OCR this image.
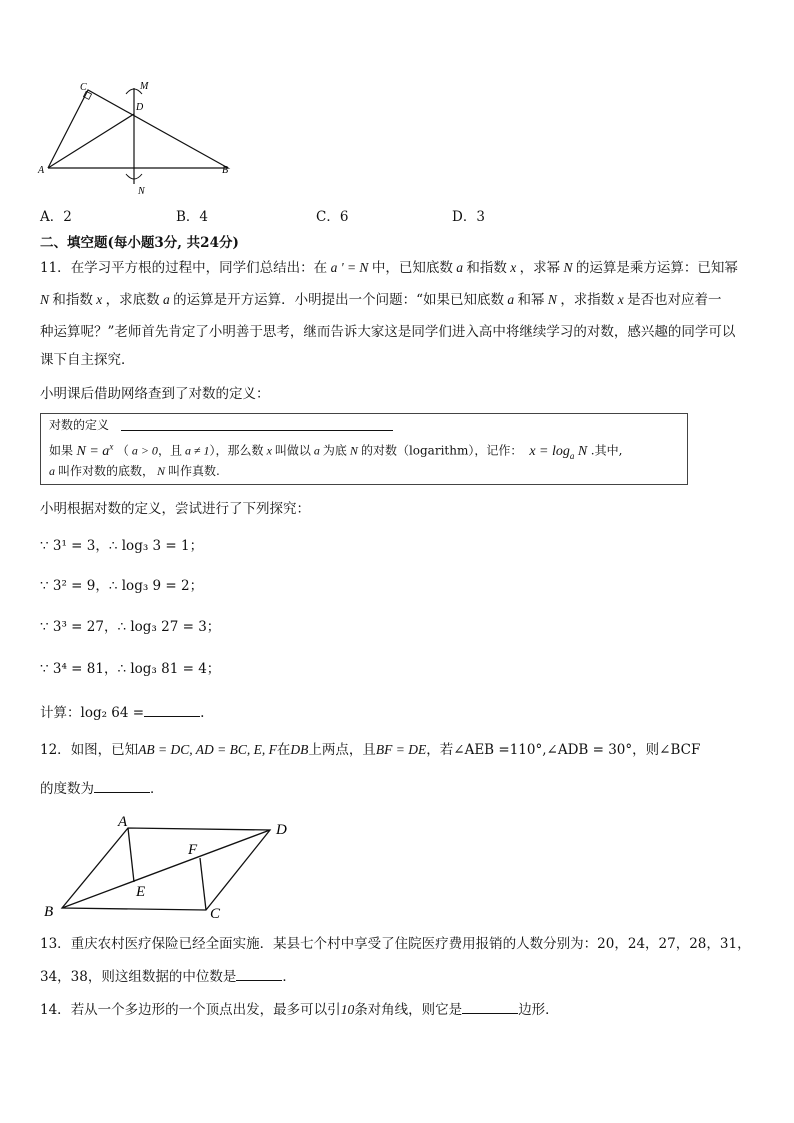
C	M
D
A	B
N
A．2	B．4	C．6	D．3
二、填空题(每小题3分, 共24分)
11．在学习平方根的过程中，同学们总结出：在 a ' = N 中，已知底数 a 和指数 x ，求幂 N 的运算是乘方运算：已知幂
N 和指数 x ，求底数 a 的运算是开方运算．小明提出一个问题：“如果已知底数 a 和幂 N ，求指数 x 是否也对应着一
种运算呢？”老师首先肯定了小明善于思考，继而告诉大家这是同学们进入高中将继续学习的对数，感兴趣的同学可以
课下自主探究．
小明课后借助网络查到了对数的定义：
对数的定义
如果 $N = a^x$ （ a > 0，且 a ≠ 1），那么数 x 叫做以 a 为底 N 的对数（logarithm），记作：  $x = \log_a N$ .其中,
a 叫作对数的底数， N 叫作真数.
小明根据对数的定义，尝试进行了下列探究：
∵ 3¹ = 3，∴ log₃ 3 = 1；
∵ 3² = 9，∴ log₃ 9 = 2；
∵ 3³ = 27，∴ log₃ 27 = 3；
∵ 3⁴ = 81，∴ log₃ 81 = 4；
计算：log₂ 64 =	.
12．如图，已知AB = DC, AD = BC, E, F在DB上两点，且BF = DE，若∠AEB =110°,∠ADB = 30°，则∠BCF
的度数为	．
A	D
F
E
B	C
13．重庆农村医疗保险已经全面实施．某县七个村中享受了住院医疗费用报销的人数分别为：20，24，27，28，31，
34，38，则这组数据的中位数是	．
14．若从一个多边形的一个顶点出发，最多可以引10条对角线，则它是	边形．
